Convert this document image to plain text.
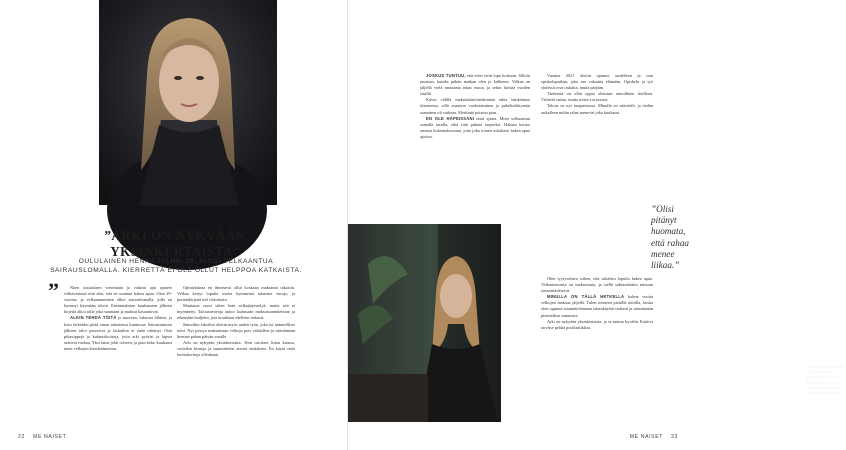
”ARKI ON NYKYÄÄN YKSINKERTAISTA”
OULULAINEN HENNA JYLHÄ, 29, ALKOI VELKAANTUA SAIRAUSLOMALLA. KIERRETTÄ EI OLE OLLUT HELPPOA KATKAISTA.
”	Näen sosiaalisen viestinnän ja vaikeat ajat ajaneet velkavastuun niin alas, että en osannut hakea apua. Olen 29-vuotias, ja velkaantuminen alkoi sairauslomalla, jolla en kyennyt käymään töissä. Ensimmäisten kuukausien jälkeen kirjeitä alkoi tulla joka suuntaan ja maksut kasautuivat.

ALKIN TEHDÄ TÖITÄ jo nuorena, lukiosta lähtien, ja koin tärkeäksi pitää oman taloutensa kunnossa. Sairastumisen jälkeen tulot putosivat ja laskuihin ei enää riittänyt. Otin pikavippejä ja kulutusluottoja, jotta arki pyörisi ja lapset saisivat ruokaa. Yksi laina johti toiseen, ja pian koko kuukausi meni velkojen kierrättämiseen.

Opintolainaa en ilmeisesti ollut koskaan maksanut takaisin. Velkaa kertyi lopulta useita kymmeniä tuhansia euroja, ja perintäkirjeitä tuli viikoittain.

Muutama vuosi sitten hain velkajärjestelyä, mutta sitä ei myönnetty. Talousneuvoja auttoi laatimaan maksusuunnitelman ja tekemään budjetin, jota noudatan edelleen tarkasti.

Samoihin aikoihin aloitin myös uuden työn, joka toi säännölliset tulot. Nyt pystyn maksamaan velkoja pois vähitellen ja säästämään hieman pahan päivän varalle.

Arki on nykyään yksinkertaista. Teen ostokset listan kanssa, vertailen hintoja ja suunnittelen ateriat etukäteen. En käytä enää luottokortteja ollenkaan.

22 ME NAISET
Henna on tehnyt töitä koko ikänsä ja maksanut velkojaan. Nykyään talous on tasapainossa, mutta tie siihen oli pitkä.
ME NAISET 23

JOSKUS TUNTUU, että velat eivät lopu koskaan. Silloin muistan, kuinka pitkän matkan olen jo kulkenut. Velkaa on jäljellä vielä muutama tuhat euroa, ja sekin häviää vuoden sisällä.

Kävin välillä maksuhäiriömerkinnän takia hankalassa tilanteessa, sillä asunnon vuokraaminen ja puhelinliittymän saaminen oli vaikeaa. Merkintä poistuu pian.

EN OLE HÄPEISSÄNI tästä ajasta. Moni velkaantuu samalla tavalla, eikä siitä puhuta tarpeeksi. Haluan kertoa omasta kokemuksestani, jotta joku toinen uskaltaisi hakea apua ajoissa.

Vuonna 2021 aloitin opinnot uudelleen ja sain opiskelupaikan, joka tuo vakautta elämään. Opiskelu ja työ yhdessä ovat raskaita, mutta pärjään.

Tärkeintä on ollut oppia olemaan armollinen itselleen. Virheitä sattuu, mutta niistä voi nousta.

Talous on nyt tasapainossa. Minulla on säästötili, ja tiedän tarkalleen mihin rahat menevät joka kuukausi.

Olen tyytyväinen siihen, että uskalsin lopulta hakea apua. Velkaneuvonta on maksutonta, ja siellä suhtauduttiin minuun ymmärtäväisesti.

MINULLA ON TÄLLÄ HETKELLÄ kolme vuotta velkojen maksua jäljellä. Tulen toimeen pienillä tuloilla, koska olen oppinut suunnittelemaan rahankäytön tarkasti ja säästämään pienistäkin summista.

Arki on nykyään yksinkertaista, ja se tuntuu hyvältä. Enää ei tarvitse pelätä postilaatikkoa.

”Olisi pitänyt huomata, että rahaa menee liikaa.”
